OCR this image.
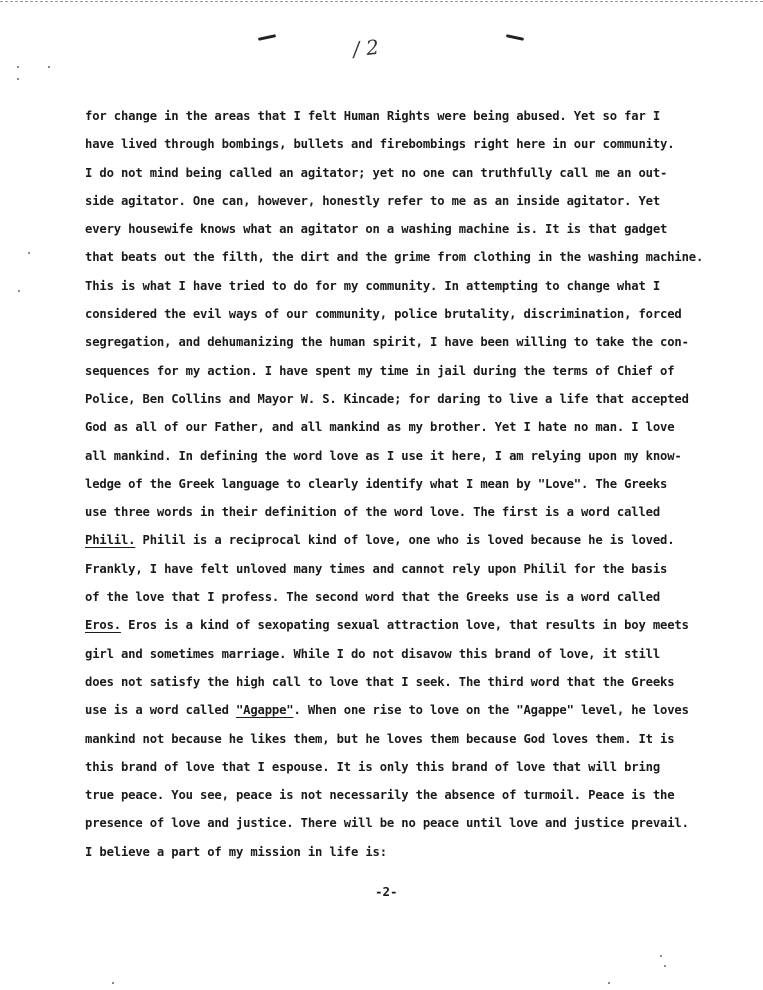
/ 2
for change in the areas that I felt Human Rights were being abused. Yet so far I
have lived through bombings, bullets and firebombings right here in our community.
I do not mind being called an agitator; yet no one can truthfully call me an out-
side agitator. One can, however, honestly refer to me as an inside agitator. Yet
every housewife knows what an agitator on a washing machine is. It is that gadget
that beats out the filth, the dirt and the grime from clothing in the washing machine.
This is what I have tried to do for my community. In attempting to change what I
considered the evil ways of our community, police brutality, discrimination, forced
segregation, and dehumanizing the human spirit, I have been willing to take the con-
sequences for my action. I have spent my time in jail during the terms of Chief of
Police, Ben Collins and Mayor W. S. Kincade; for daring to live a life that accepted
God as all of our Father, and all mankind as my brother. Yet I hate no man. I love
all mankind. In defining the word love as I use it here, I am relying upon my know-
ledge of the Greek language to clearly identify what I mean by "Love". The Greeks
use three words in their definition of the word love. The first is a word called
Philil. Philil is a reciprocal kind of love, one who is loved because he is loved.
Frankly, I have felt unloved many times and cannot rely upon Philil for the basis
of the love that I profess. The second word that the Greeks use is a word called
Eros. Eros is a kind of sexopating sexual attraction love, that results in boy meets
girl and sometimes marriage. While I do not disavow this brand of love, it still
does not satisfy the high call to love that I seek. The third word that the Greeks
use is a word called "Agappe". When one rise to love on the "Agappe" level, he loves
mankind not because he likes them, but he loves them because God loves them. It is
this brand of love that I espouse. It is only this brand of love that will bring
true peace. You see, peace is not necessarily the absence of turmoil. Peace is the
presence of love and justice. There will be no peace until love and justice prevail.
I believe a part of my mission in life is:
-2-
